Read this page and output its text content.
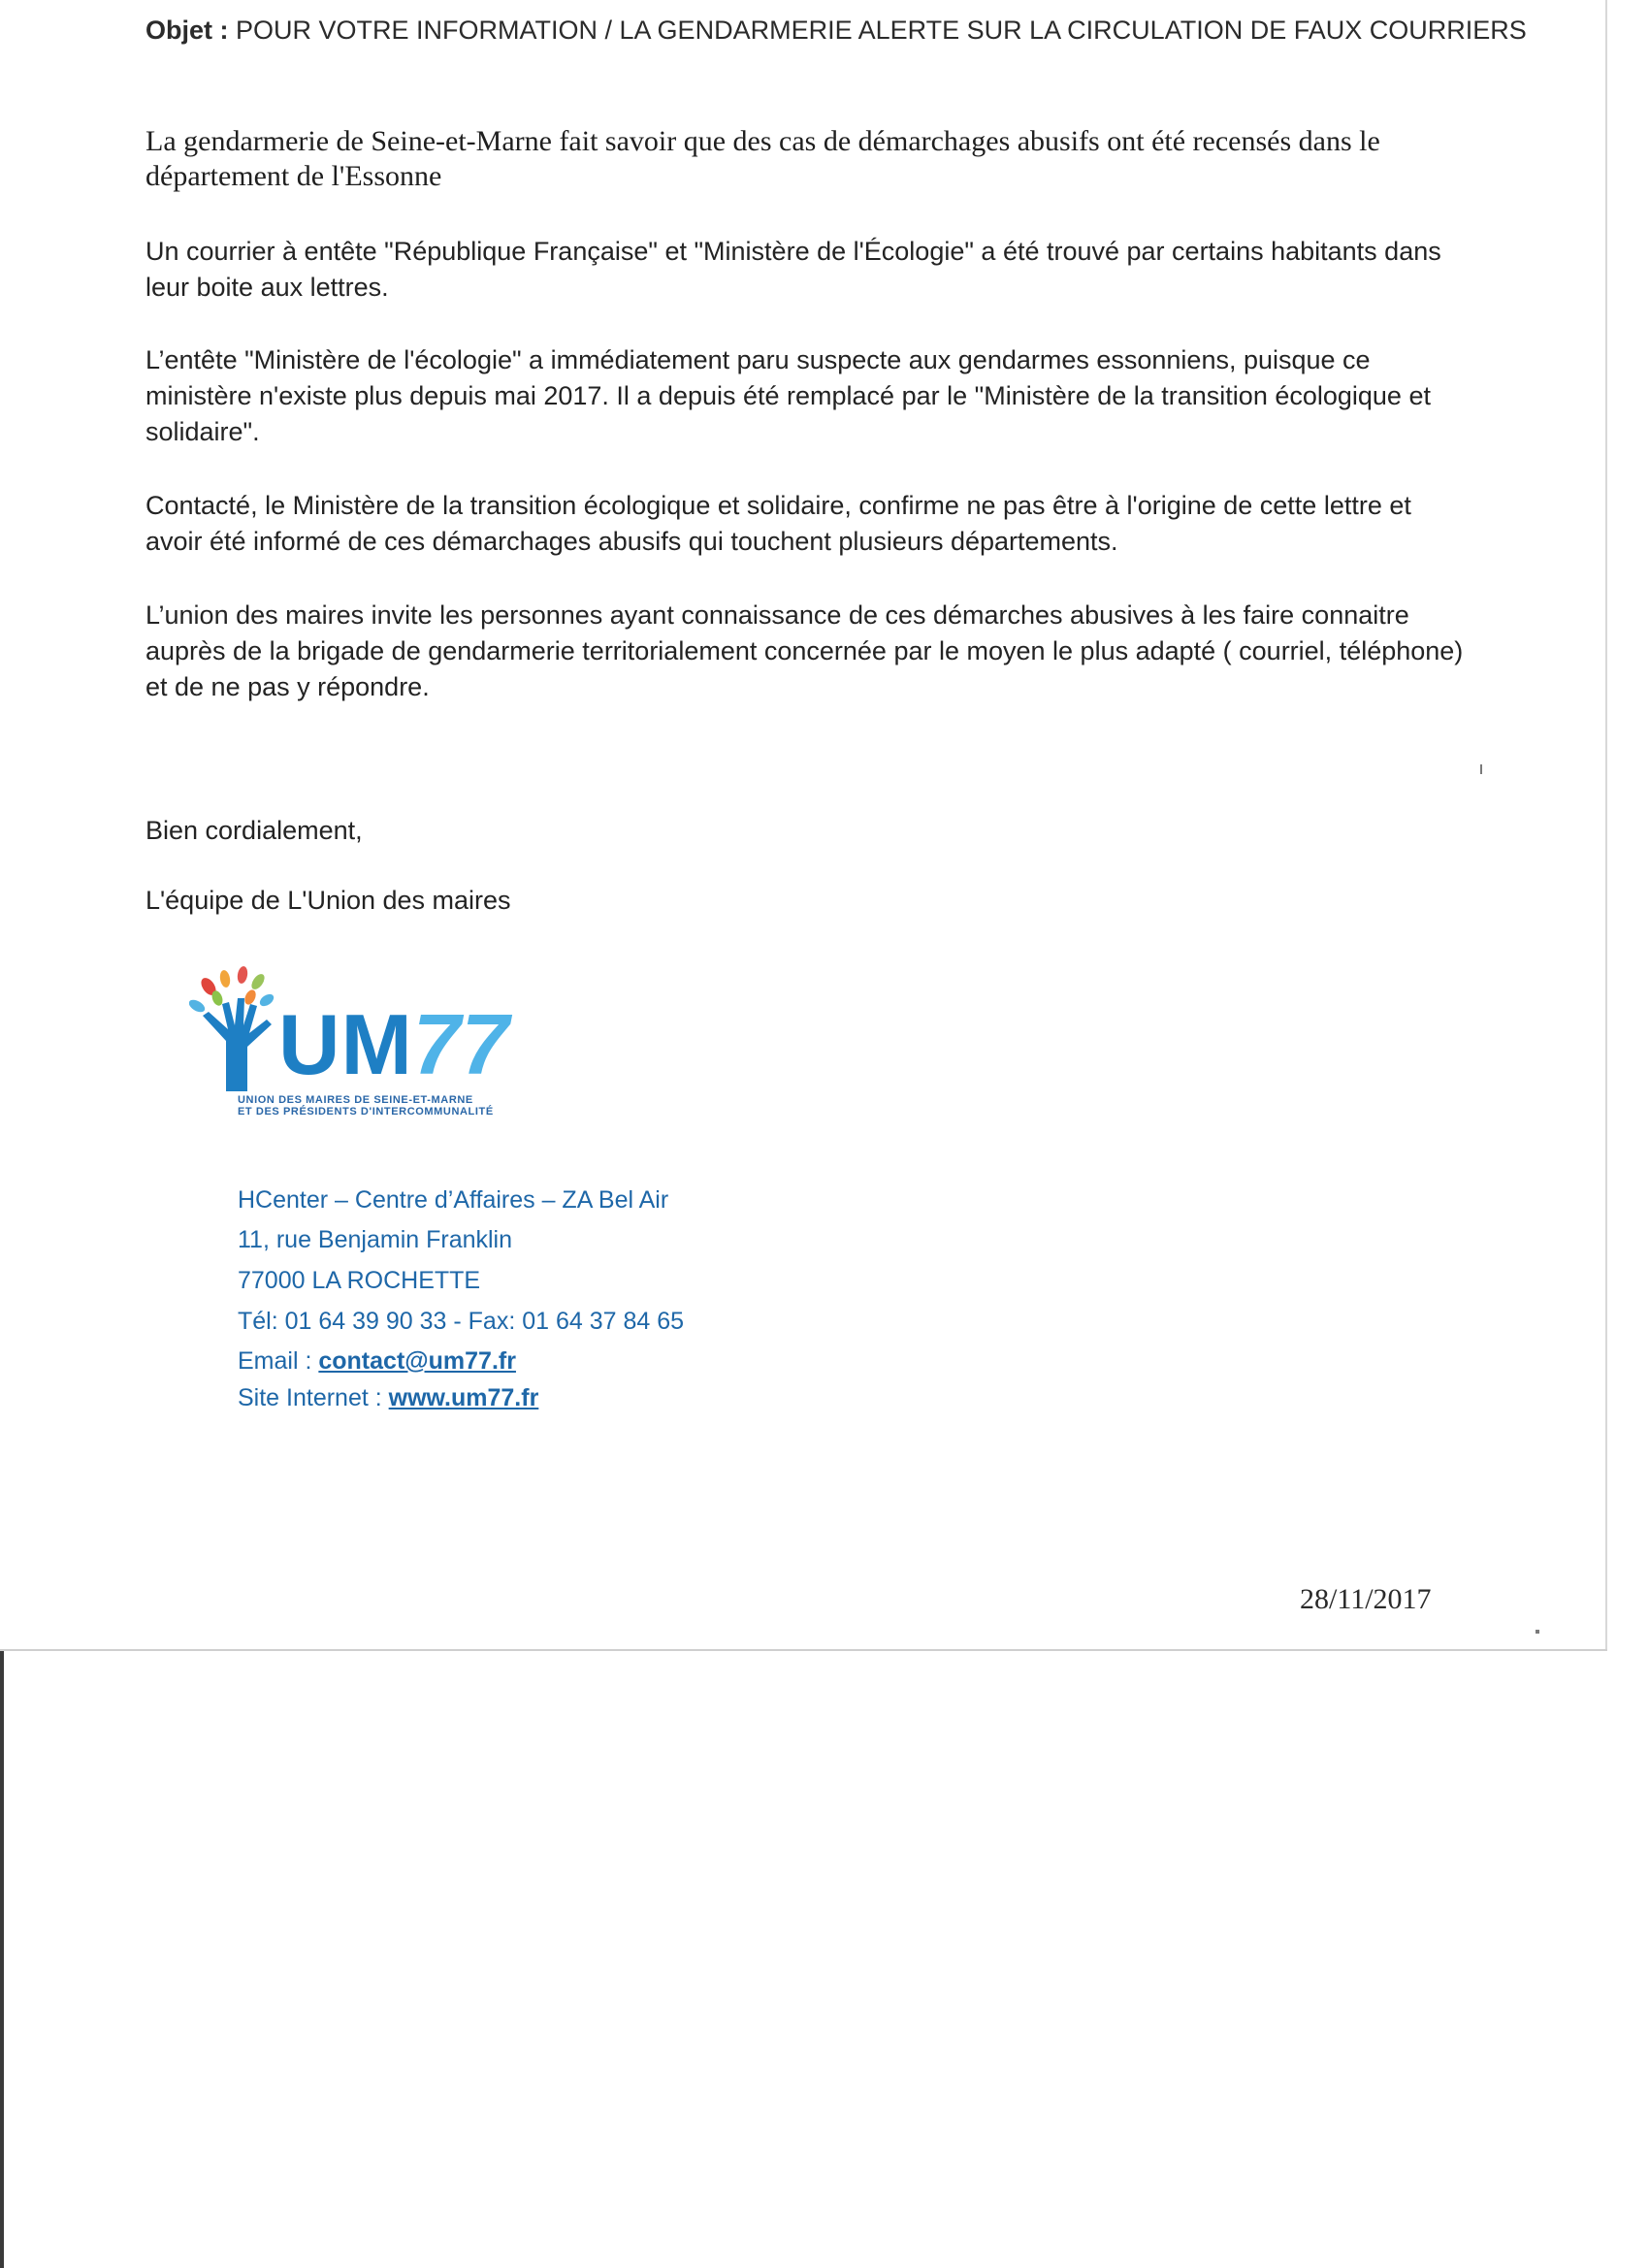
Objet : POUR VOTRE INFORMATION / LA GENDARMERIE ALERTE SUR LA CIRCULATION DE FAUX COURRIERS
La gendarmerie de Seine-et-Marne fait savoir que des cas de démarchages abusifs ont été recensés dans le département de l'Essonne
Un courrier à entête "République Française" et "Ministère de l'Écologie" a été trouvé par certains habitants dans leur boite aux lettres.
L’entête "Ministère de l'écologie" a immédiatement paru suspecte aux gendarmes essonniens, puisque ce ministère n'existe plus depuis mai 2017. Il a depuis été remplacé par le "Ministère de la transition écologique et solidaire".
Contacté, le Ministère de la transition écologique et solidaire, confirme ne pas être à l'origine de cette lettre et avoir été informé de ces démarchages abusifs qui touchent plusieurs départements.
L’union des maires invite les personnes ayant connaissance de ces démarches abusives à les faire connaitre auprès de la brigade de gendarmerie territorialement concernée par le moyen le plus adapté ( courriel, téléphone) et de ne pas y répondre.
Bien cordialement,
L'équipe de L'Union des maires
UM77
UNION DES MAIRES DE SEINE-ET-MARNE
ET DES PRÉSIDENTS D'INTERCOMMUNALITÉ
HCenter – Centre d’Affaires – ZA Bel Air
11, rue Benjamin Franklin
77000 LA ROCHETTE
Tél: 01 64 39 90 33 - Fax: 01 64 37 84 65
Email : contact@um77.fr
Site Internet : www.um77.fr
28/11/2017
